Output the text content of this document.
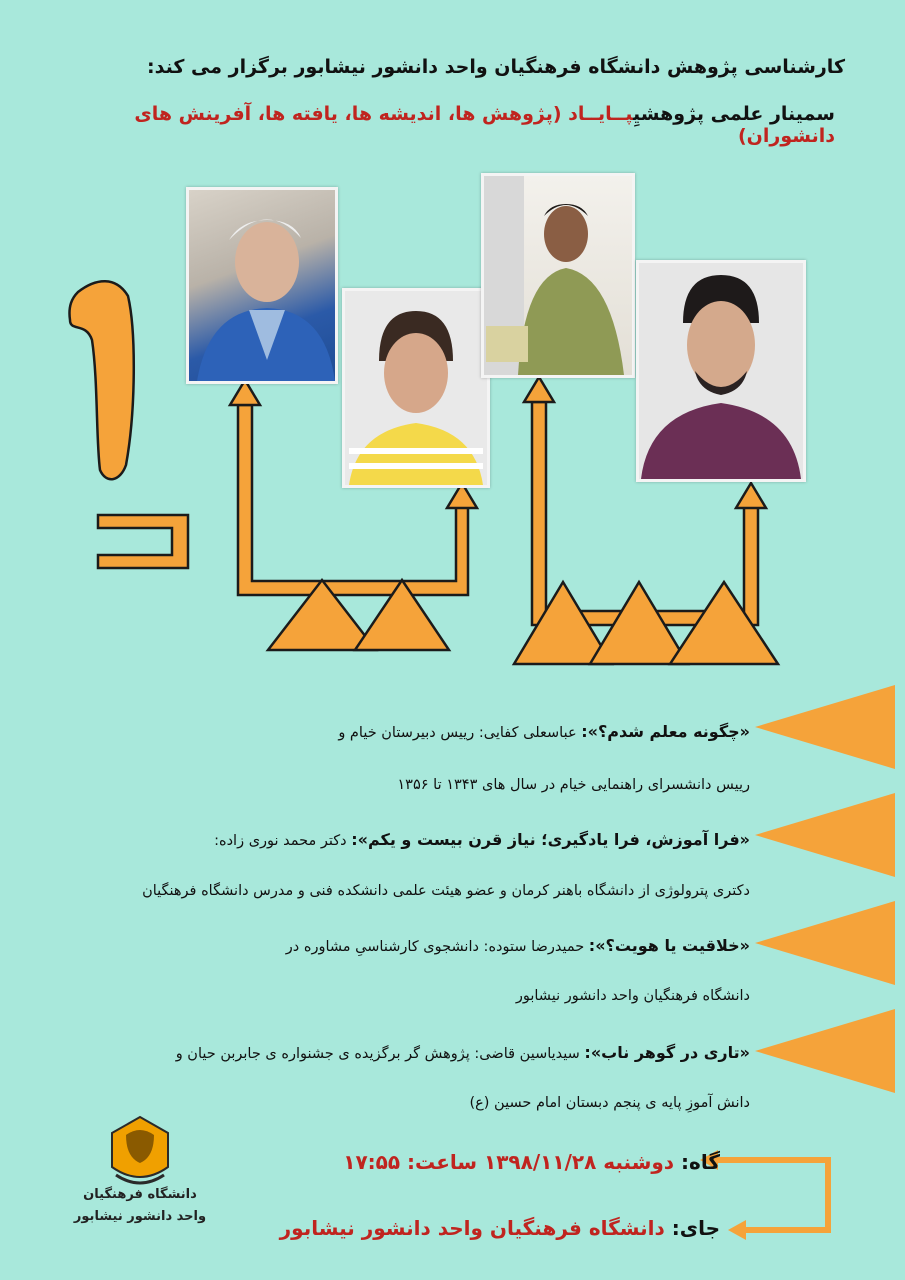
کارشناسی پژوهش دانشگاه فرهنگیان واحد دانشور نیشابور برگزار می کند:
سمینار علمی پژوهشیِپــایــاد (پژوهش ها، اندیشه ها، یافته ها، آفرینش های دانشوران)
«چگونه معلم شدم؟»: عباسعلی کفایی: رییس دبیرستان خیام و
رییس دانشسرای راهنمایی خیام در سال های ۱۳۴۳ تا ۱۳۵۶
«فرا آموزش، فرا یادگیری؛ نیاز قرن بیست و یکم»: دکتر محمد نوری زاده:
دکتری پترولوژی از دانشگاه باهنر کرمان و عضو هیئت علمی دانشکده فنی و مدرس دانشگاه فرهنگیان
«خلاقیت یا هویت؟»: حمیدرضا ستوده: دانشجوی کارشناسیِ مشاوره در
دانشگاه فرهنگیان واحد دانشور نیشابور
«تاری در گوهر ناب»: سیدیاسین قاضی: پژوهش گر برگزیده ی جشنواره ی جابربن حیان و
دانش آموزِ پایه ی پنجم دبستان امام حسین (ع)
گاه: دوشنبه ۱۳۹۸/۱۱/۲۸ ساعت: ۱۷:۵۵
جای: دانشگاه فرهنگیان واحد دانشور نیشابور
دانشگاه فرهنگیان
واحد دانشور نیشابور
